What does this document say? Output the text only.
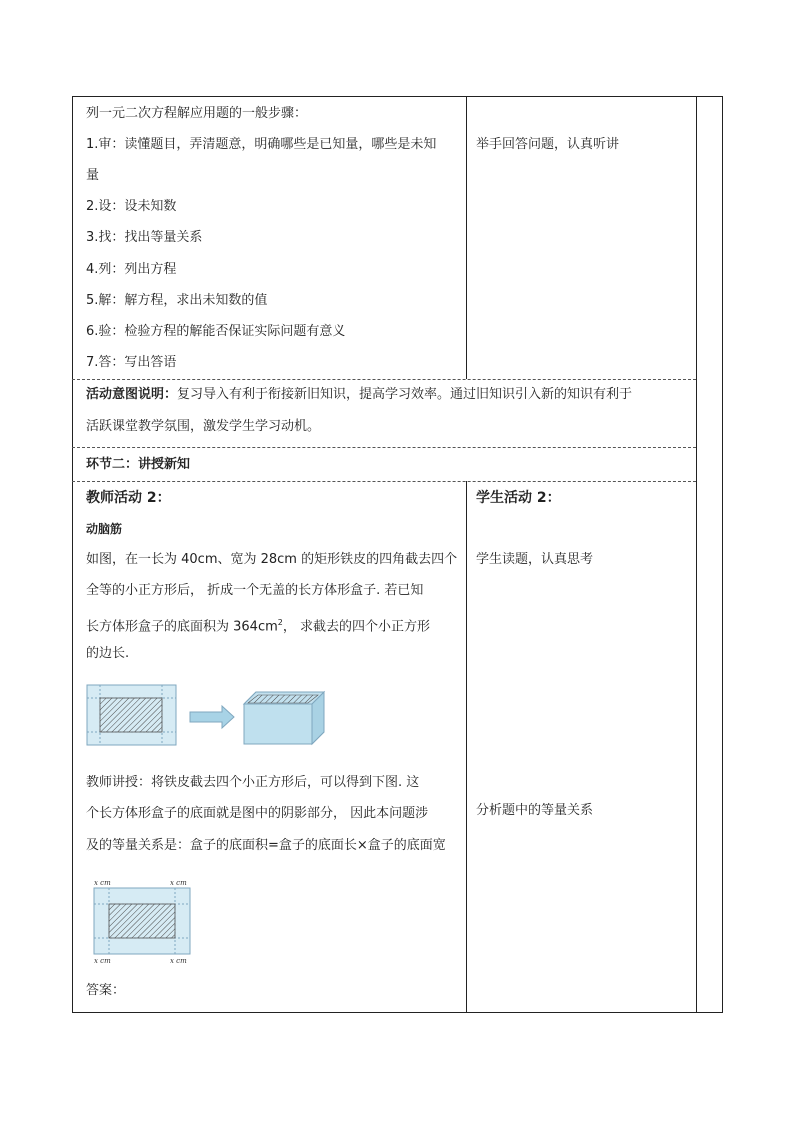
列一元二次方程解应用题的一般步骤：
1.审：读懂题目，弄清题意，明确哪些是已知量，哪些是未知
量
2.设：设未知数
3.找：找出等量关系
4.列：列出方程
5.解：解方程，求出未知数的值
6.验：检验方程的解能否保证实际问题有意义
7.答：写出答语
举手回答问题，认真听讲
活动意图说明：复习导入有利于衔接新旧知识，提高学习效率。通过旧知识引入新的知识有利于
活跃课堂教学氛围，激发学生学习动机。
环节二：讲授新知
教师活动 2：
动脑筋
如图，在一长为 40cm、宽为 28cm 的矩形铁皮的四角截去四个
全等的小正方形后， 折成一个无盖的长方体形盒子. 若已知
长方体形盒子的底面积为 $364cm^2$， 求截去的四个小正方形
的边长.
教师讲授：将铁皮截去四个小正方形后，可以得到下图. 这
个长方体形盒子的底面就是图中的阴影部分， 因此本问题涉
及的等量关系是：盒子的底面积=盒子的底面长×盒子的底面宽
x cm	x cm
x cm	x cm
答案：
学生活动 2：
学生读题，认真思考
分析题中的等量关系
